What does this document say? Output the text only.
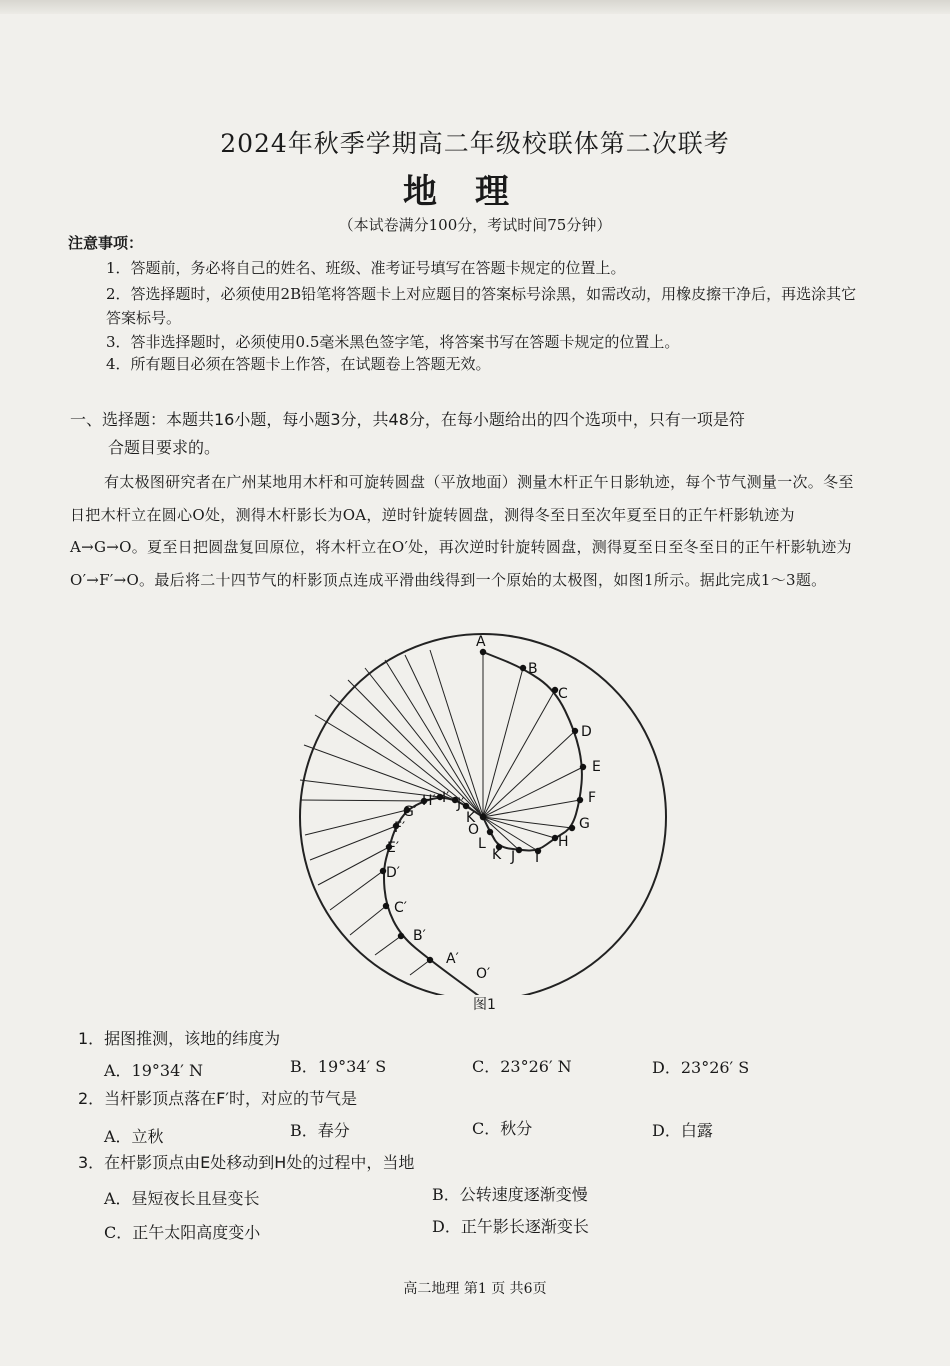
2024年秋季学期高二年级校联体第二次联考
地理
（本试卷满分100分，考试时间75分钟）
注意事项：
1．答题前，务必将自己的姓名、班级、准考证号填写在答题卡规定的位置上。
2．答选择题时，必须使用2B铅笔将答题卡上对应题目的答案标号涂黑，如需改动，用橡皮擦干净后，再选涂其它答案标号。
3．答非选择题时，必须使用0.5毫米黑色签字笔，将答案书写在答题卡规定的位置上。
4．所有题目必须在答题卡上作答，在试题卷上答题无效。
一、选择题：本题共16小题，每小题3分，共48分，在每小题给出的四个选项中，只有一项是符
合题目要求的。
有太极图研究者在广州某地用木杆和可旋转圆盘（平放地面）测量木杆正午日影轨迹，每个节气测量一次。冬至日把木杆立在圆心O处，测得木杆影长为OA，逆时针旋转圆盘，测得冬至日至次年夏至日的正午杆影轨迹为A→G→O。夏至日把圆盘复回原位，将木杆立在O′处，再次逆时针旋转圆盘，测得夏至日至冬至日的正午杆影轨迹为O′→F′→O。最后将二十四节气的杆影顶点连成平滑曲线得到一个原始的太极图，如图1所示。据此完成1～3题。
A
B
C
D
E
F
G
H
I
J
K
L
O
K
J′
I′
H′
G′
F′
E′
D′
C′
B′
A′
O′
图1
1．据图推测，该地的纬度为
A．19°34′ N	B．19°34′ S	C．23°26′ N	D．23°26′ S
2．当杆影顶点落在F′时，对应的节气是
A．立秋	B．春分	C．秋分	D．白露
3．在杆影顶点由E处移动到H处的过程中，当地
A．昼短夜长且昼变长	B．公转速度逐渐变慢
C．正午太阳高度变小	D．正午影长逐渐变长
高二地理 第1 页 共6页
